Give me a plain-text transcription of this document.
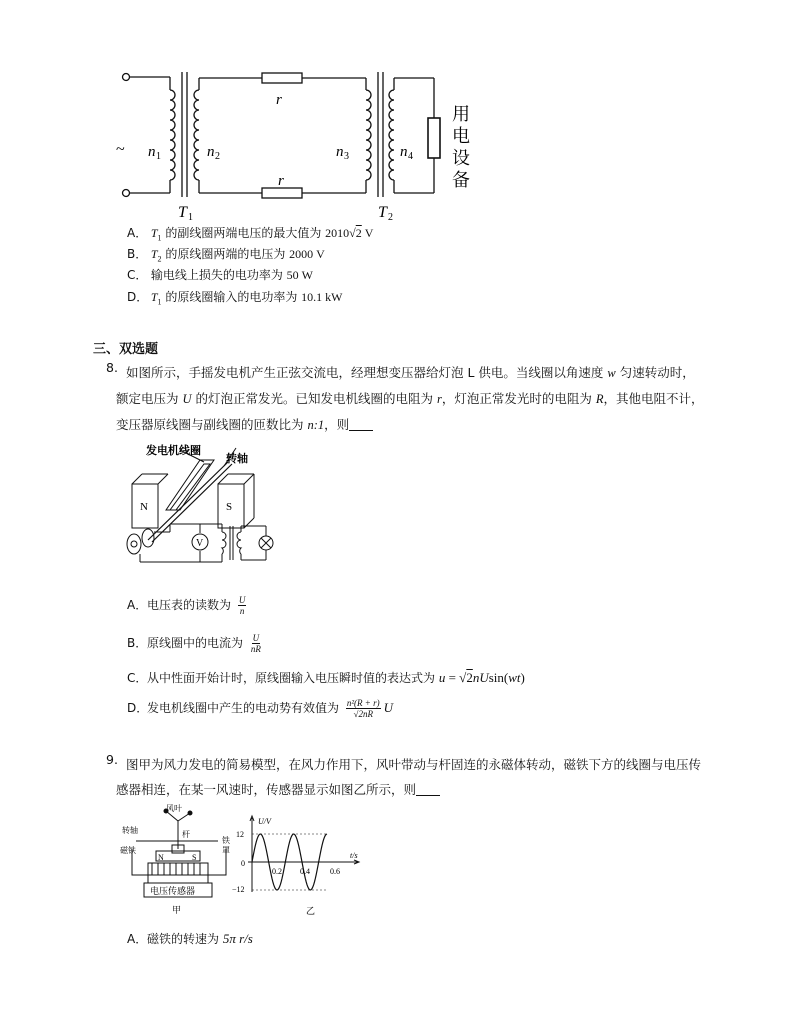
~ n 1	n 2	n 3	n 4
r
r
T 1	T 2
用
电
设
备
A． $T_1$ 的副线圈两端电压的最大值为 2010√2 V
B． $T_2$ 的原线圈两端的电压为 2000 V
C． 输电线上损失的电功率为 50 W
D． $T_1$ 的原线圈输入的电功率为 10.1 kW
三、双选题
8. 如图所示，手摇发电机产生正弦交流电，经理想变压器给灯泡 L 供电。当线圈以角速度 w 匀速转动时，额定电压为 U 的灯泡正常发光。已知发电机线圈的电阻为 r，灯泡正常发光时的电阻为 R，其他电阻不计，变压器原线圈与副线圈的匝数比为 n:1，则
发电机线圈
转轴
N	S
V
A．电压表的读数为 $\frac{U}{n}$
B．原线圈中的电流为 $\frac{U}{nR}$
C．从中性面开始计时，原线圈输入电压瞬时值的表达式为 u = √2nUsin(wt)
D．发电机线圈中产生的电动势有效值为 $\frac{\text{n²(R + r)}}{√2nR}$ U
9. 图甲为风力发电的简易模型，在风力作用下，风叶带动与杆固连的永磁体转动，磁铁下方的线圈与电压传感器相连，在某一风速时，传感器显示如图乙所示，则
风叶
转轴	杆
磁铁
铁
罩
N	S
电压传感器
甲
U/V
t/s
12
0
−12
0.2 0.4	0.6
乙
A．磁铁的转速为 5π r/s
